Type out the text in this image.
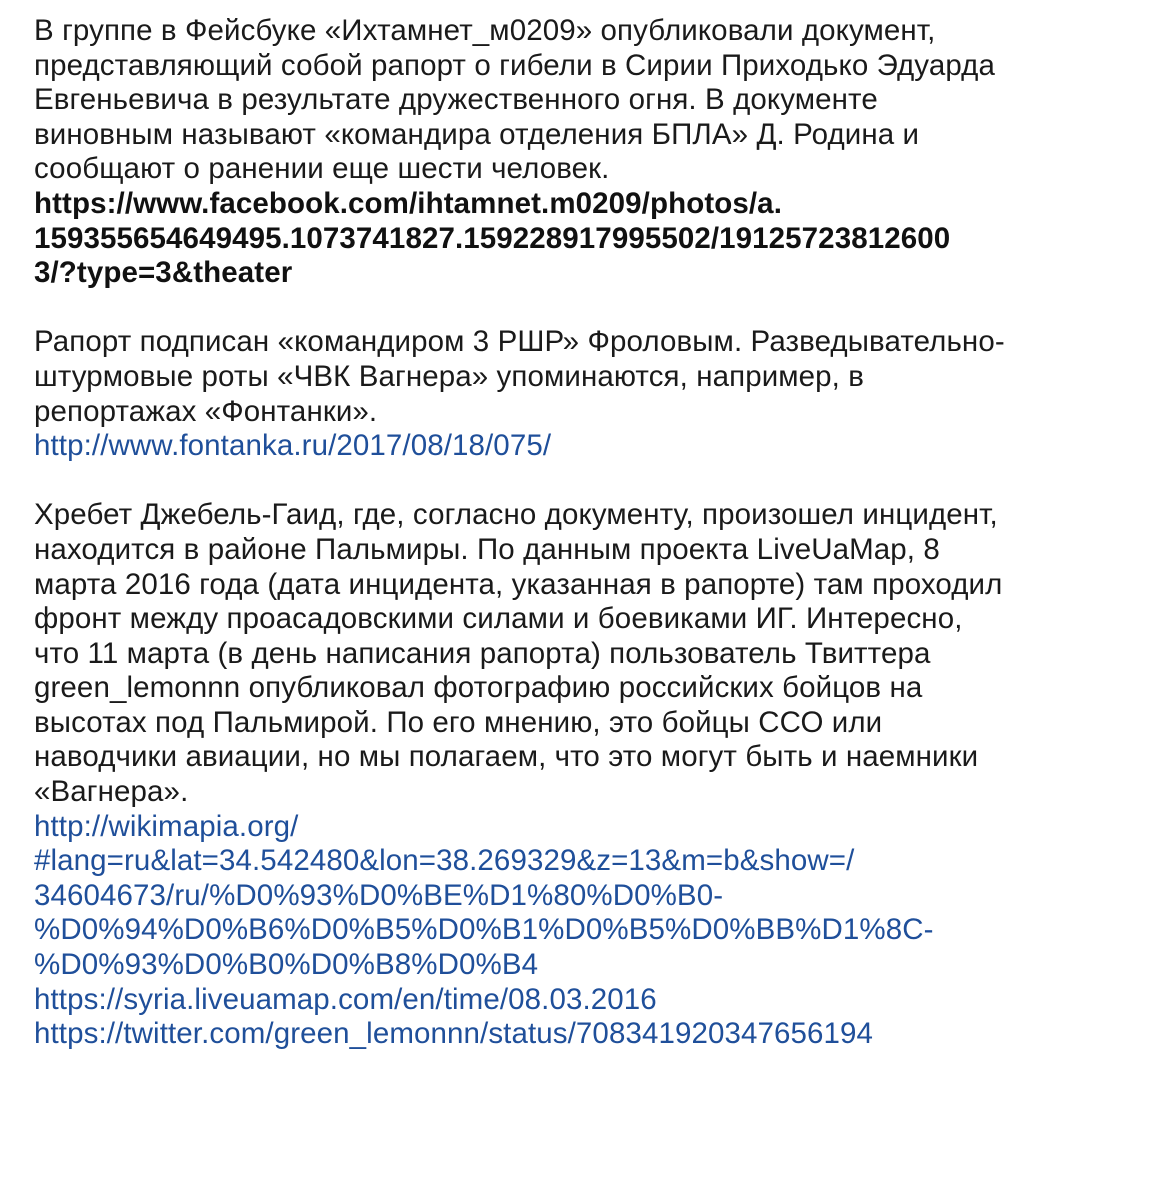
В группе в Фейсбуке «Ихтамнет_м0209» опубликовали документ,
представляющий собой рапорт о гибели в Сирии Приходько Эдуарда
Евгеньевича в результате дружественного огня. В документе
виновным называют «командира отделения БПЛА» Д. Родина и
сообщают о ранении еще шести человек.
https://www.facebook.com/ihtamnet.m0209/photos/a.
159355654649495.1073741827.159228917995502/19125723812600
3/?type=3&theater
Рапорт подписан «командиром 3 РШР» Фроловым. Разведывательно-
штурмовые роты «ЧВК Вагнера» упоминаются, например, в
репортажах «Фонтанки».
http://www.fontanka.ru/2017/08/18/075/
Хребет Джебель-Гаид, где, согласно документу, произошел инцидент,
находится в районе Пальмиры. По данным проекта LiveUaMap, 8
марта 2016 года (дата инцидента, указанная в рапорте) там проходил
фронт между проасадовскими силами и боевиками ИГ. Интересно,
что 11 марта (в день написания рапорта) пользователь Твиттера
green_lemonnn опубликовал фотографию российских бойцов на
высотах под Пальмирой. По его мнению, это бойцы ССО или
наводчики авиации, но мы полагаем, что это могут быть и наемники
«Вагнера».
http://wikimapia.org/
#lang=ru&lat=34.542480&lon=38.269329&z=13&m=b&show=/
34604673/ru/%D0%93%D0%BE%D1%80%D0%B0-
%D0%94%D0%B6%D0%B5%D0%B1%D0%B5%D0%BB%D1%8C-
%D0%93%D0%B0%D0%B8%D0%B4
https://syria.liveuamap.com/en/time/08.03.2016
https://twitter.com/green_lemonnn/status/708341920347656194
